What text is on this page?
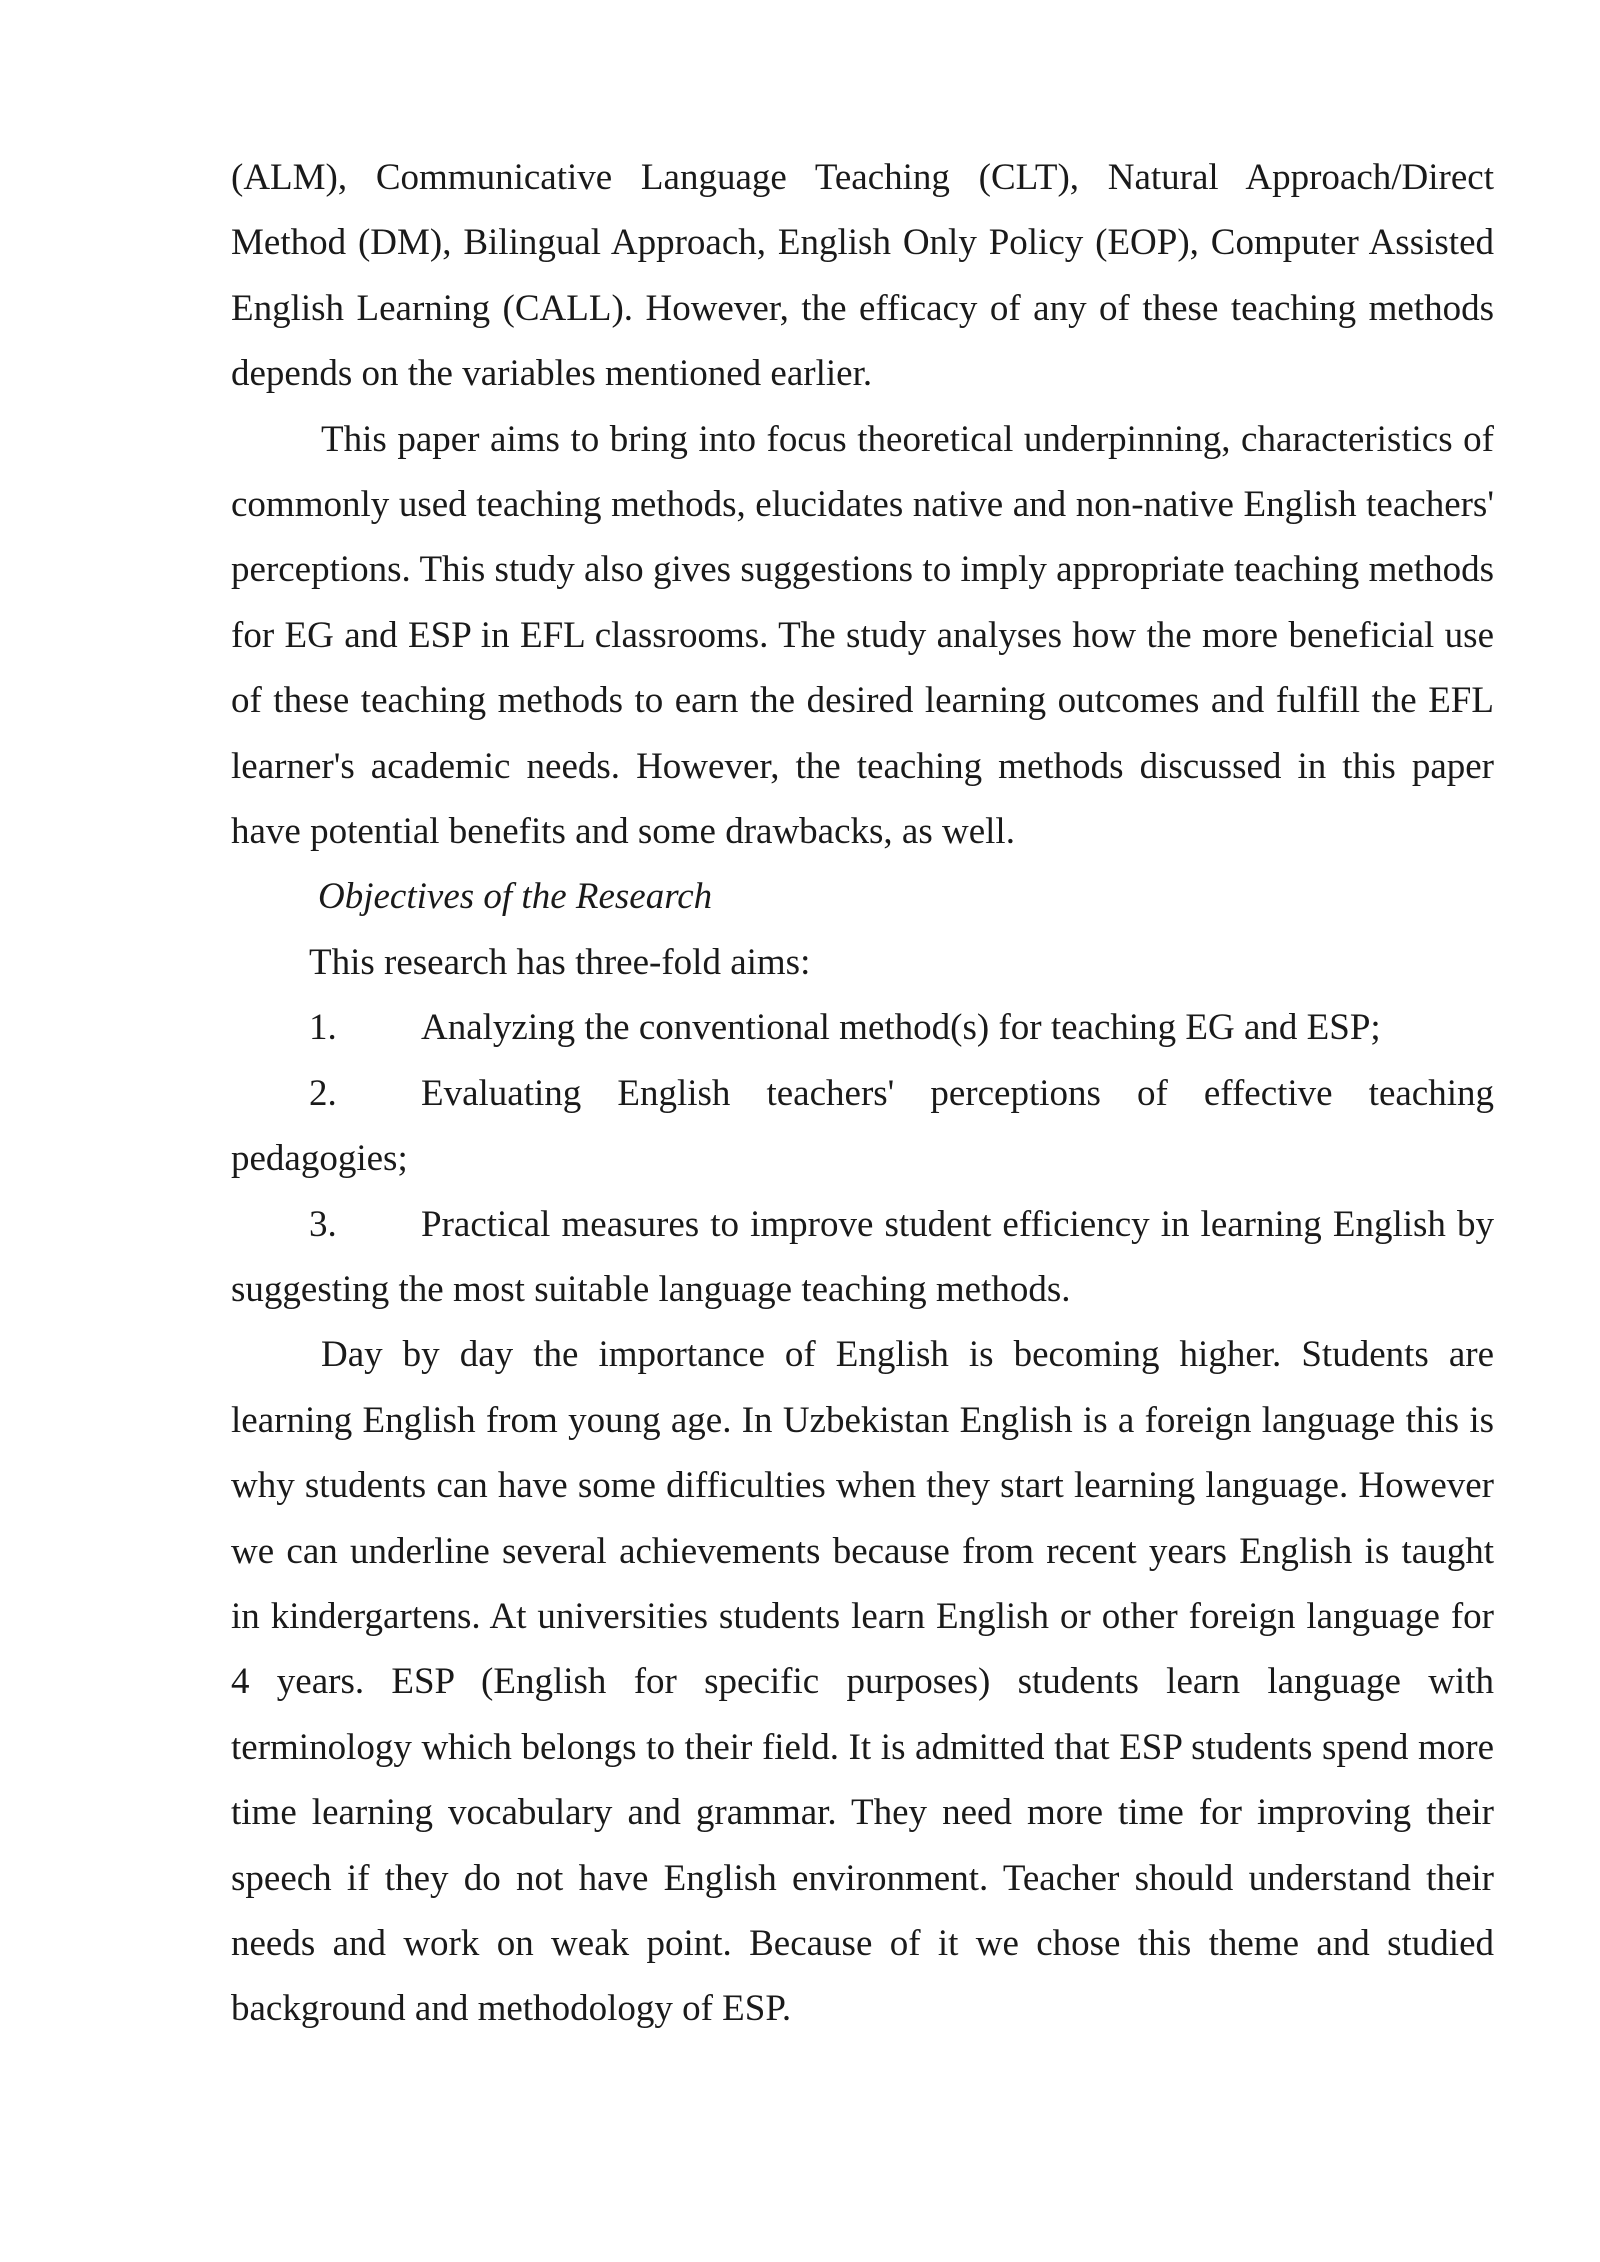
(ALM), Communicative Language Teaching (CLT), Natural Approach/Direct Method (DM), Bilingual Approach, English Only Policy (EOP), Computer Assisted English Learning (CALL). However, the efficacy of any of these teaching methods depends on the variables mentioned earlier.

This paper aims to bring into focus theoretical underpinning, characteristics of commonly used teaching methods, elucidates native and non-native English teachers' perceptions. This study also gives suggestions to imply appropriate teaching methods for EG and ESP in EFL classrooms. The study analyses how the more beneficial use of these teaching methods to earn the desired learning outcomes and fulfill the EFL learner's academic needs. However, the teaching methods discussed in this paper have potential benefits and some drawbacks, as well.

Objectives of the Research

This research has three-fold aims:

1. Analyzing the conventional method(s) for teaching EG and ESP;

2. Evaluating English teachers' perceptions of effective teaching pedagogies;

3. Practical measures to improve student efficiency in learning English by suggesting the most suitable language teaching methods.

Day by day the importance of English is becoming higher. Students are learning English from young age. In Uzbekistan English is a foreign language this is why students can have some difficulties when they start learning language. However we can underline several achievements because from recent years English is taught in kindergartens. At universities students learn English or other foreign language for 4 years. ESP (English for specific purposes) students learn language with terminology which belongs to their field. It is admitted that ESP students spend more time learning vocabulary and grammar. They need more time for improving their speech if they do not have English environment. Teacher should understand their needs and work on weak point. Because of it we chose this theme and studied background and methodology of ESP.
